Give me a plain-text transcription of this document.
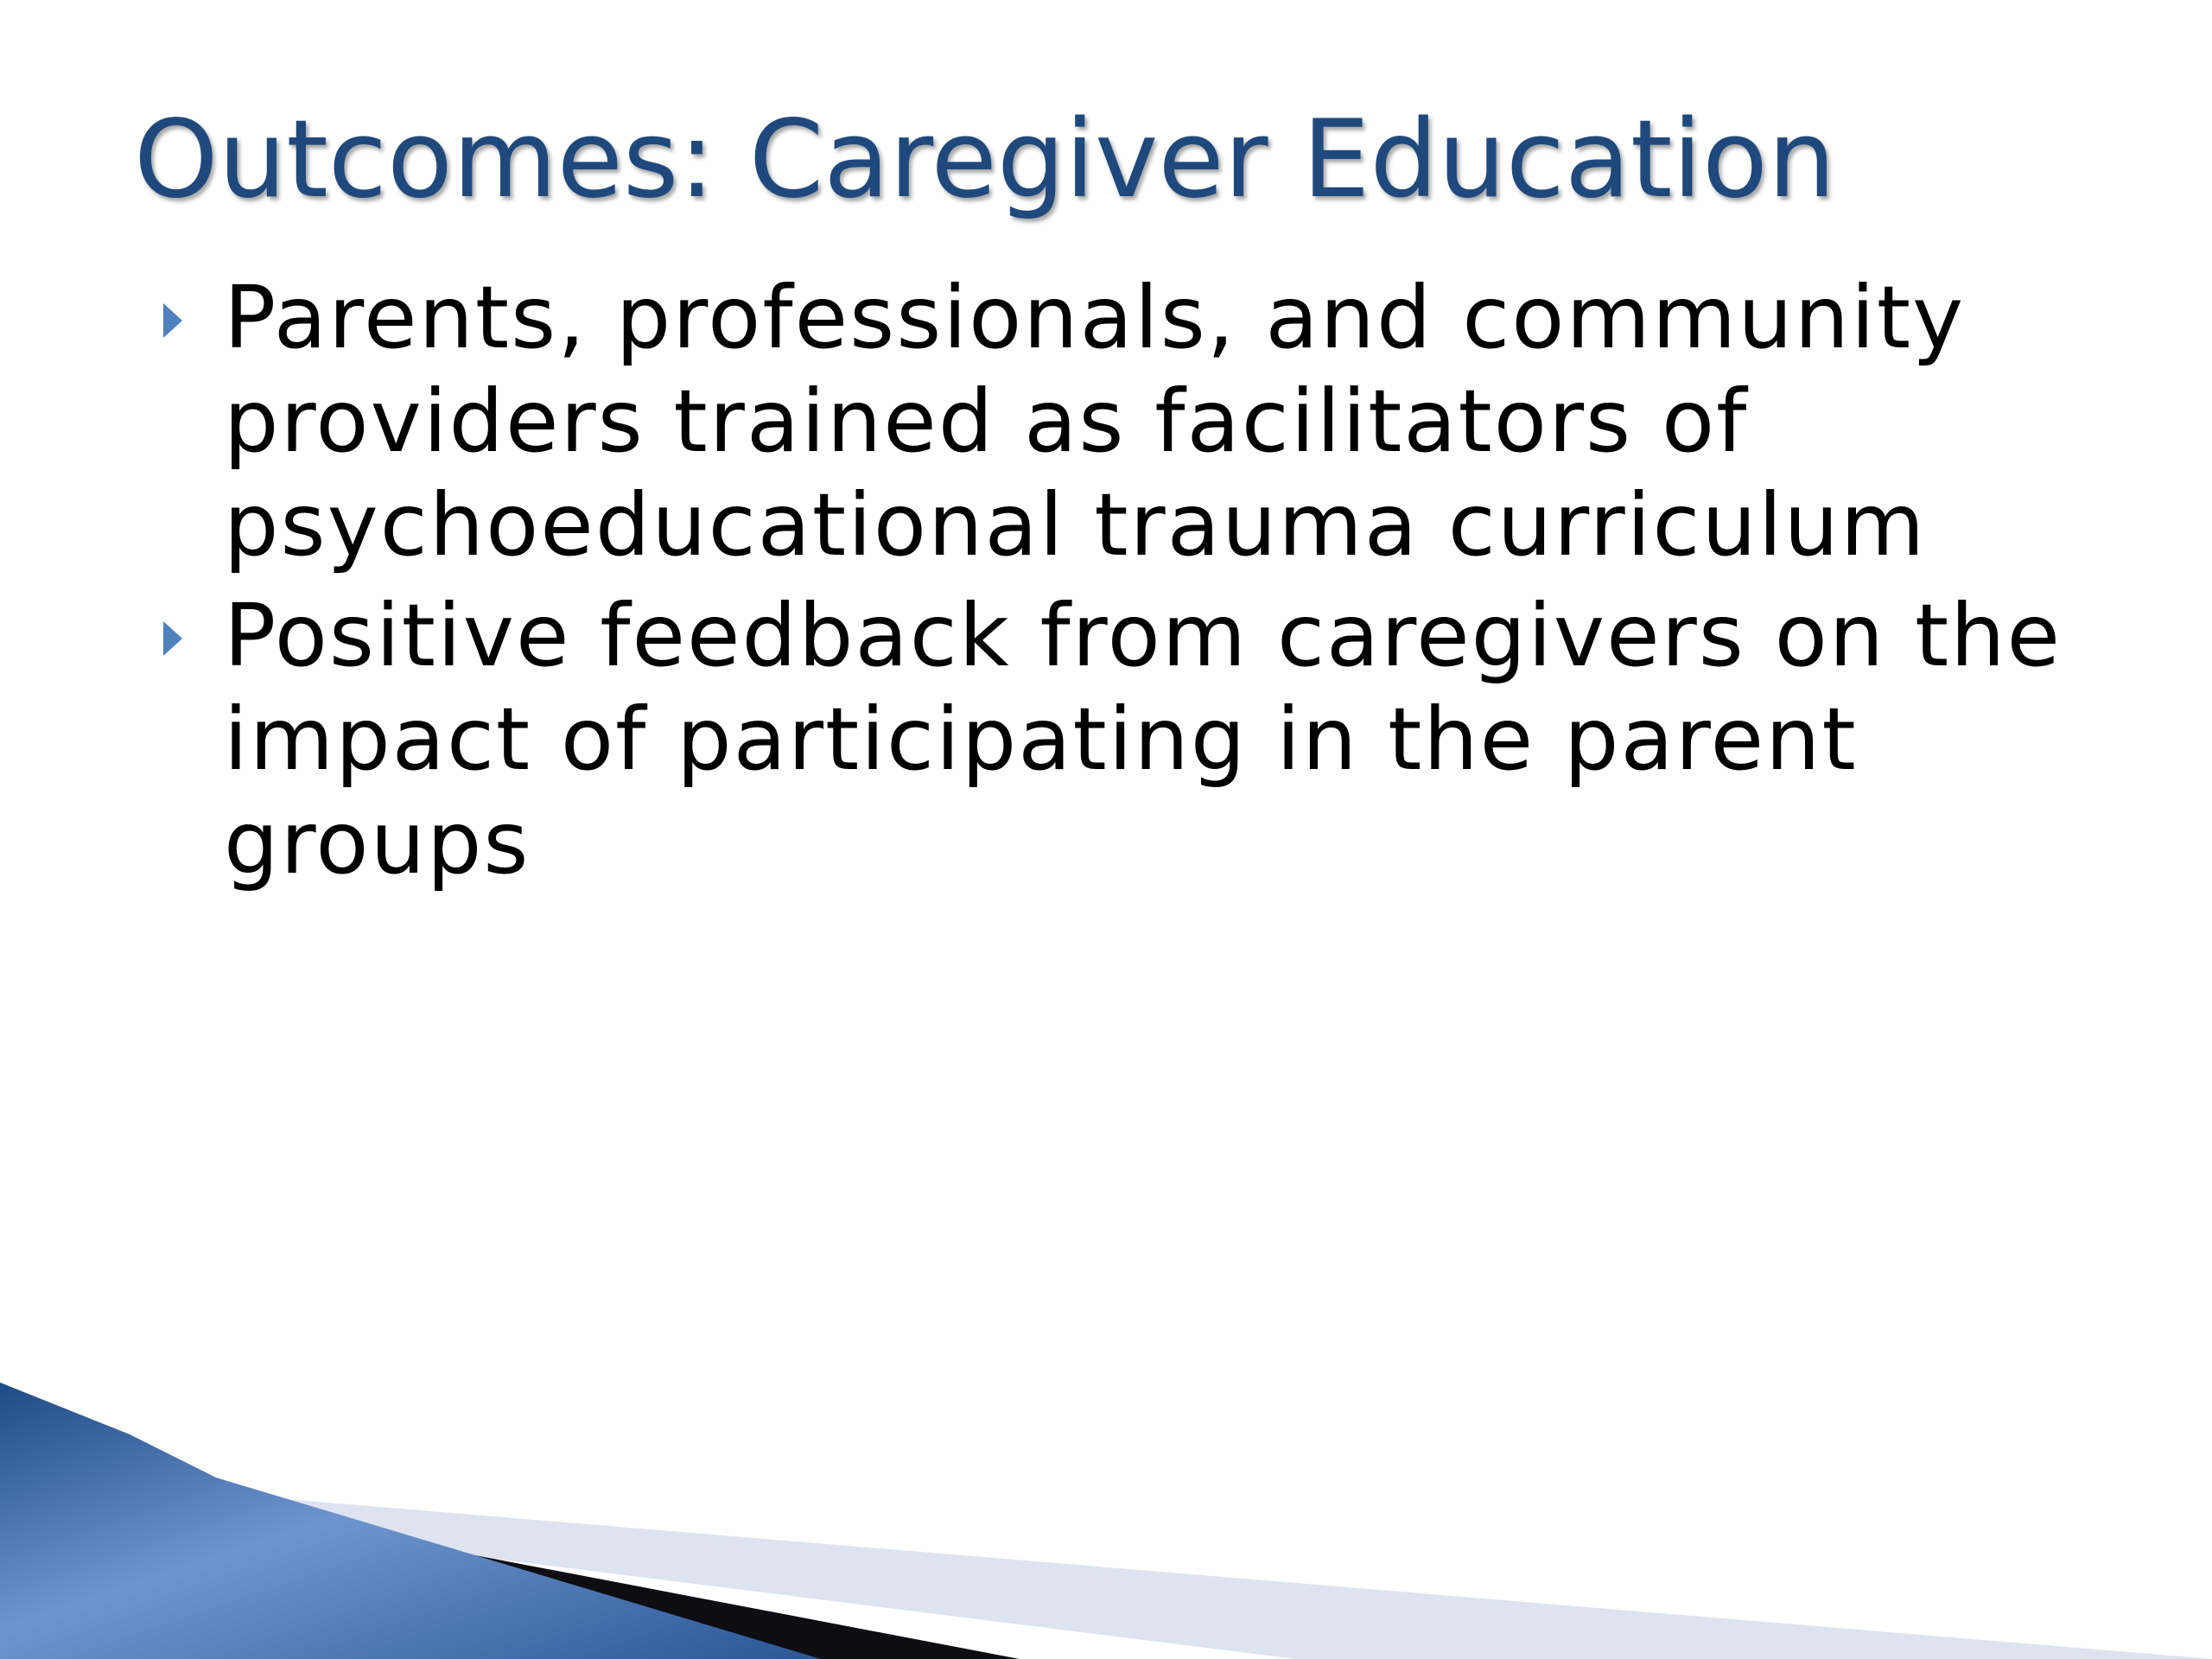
Outcomes: Caregiver Education
Parents, professionals, and community
providers trained as facilitators of
psychoeducational trauma curriculum
Positive feedback from caregivers on the
impact of participating in the parent groups
